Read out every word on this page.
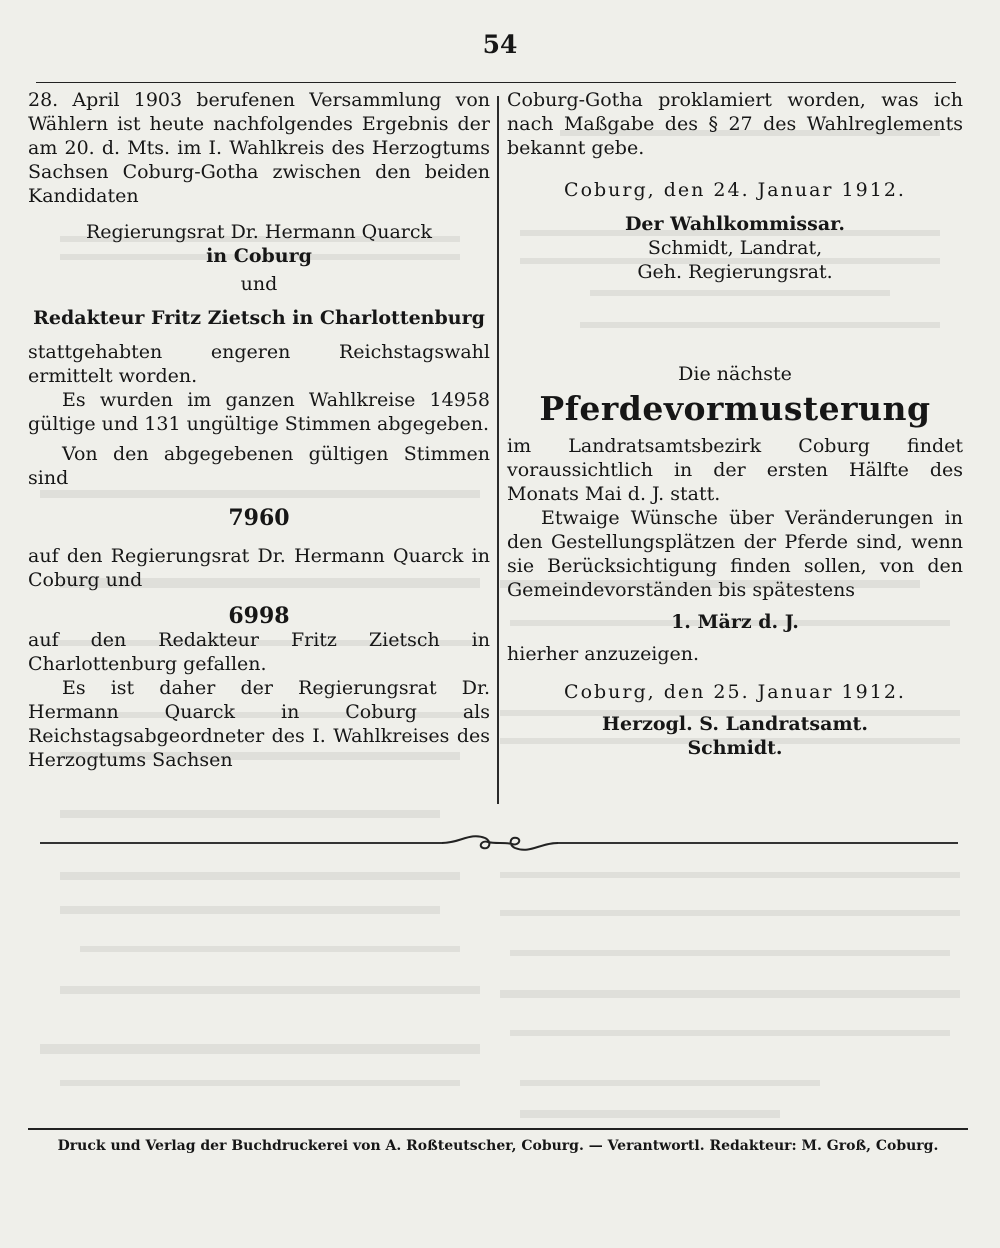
54

28. April 1903 berufenen Versammlung von Wählern ist heute nachfolgendes Ergebnis der am 20. d. Mts. im I. Wahlkreis des Herzogtums Sachsen Coburg-Gotha zwischen den beiden Kandidaten

Regierungsrat Dr. Hermann Quarck

in Coburg

und

Redakteur Fritz Zietsch in Charlottenburg

stattgehabten engeren Reichstagswahl ermittelt worden.

Es wurden im ganzen Wahlkreise 14958 gültige und 131 ungültige Stimmen abgegeben.

Von den abgegebenen gültigen Stimmen sind

7960

auf den Regierungsrat Dr. Hermann Quarck in Coburg und

6998

auf den Redakteur Fritz Zietsch in Charlottenburg gefallen.

Es ist daher der Regierungsrat Dr. Hermann Quarck in Coburg als Reichstagsabgeordneter des I. Wahlkreises des Herzogtums Sachsen

Coburg-Gotha proklamiert worden, was ich nach Maßgabe des § 27 des Wahlreglements bekannt gebe.

Coburg, den 24. Januar 1912.

Der Wahlkommissar.

Schmidt, Landrat,

Geh. Regierungsrat.

Die nächste

Pferdevormusterung

im Landratsamtsbezirk Coburg findet voraussichtlich in der ersten Hälfte des Monats Mai d. J. statt.

Etwaige Wünsche über Veränderungen in den Gestellungsplätzen der Pferde sind, wenn sie Berücksichtigung finden sollen, von den Gemeindevorständen bis spätestens

1. März d. J.

hierher anzuzeigen.

Coburg, den 25. Januar 1912.

Herzogl. S. Landratsamt.

Schmidt.

Druck und Verlag der Buchdruckerei von A. Roßteutscher, Coburg. — Verantwortl. Redakteur: M. Groß, Coburg.
